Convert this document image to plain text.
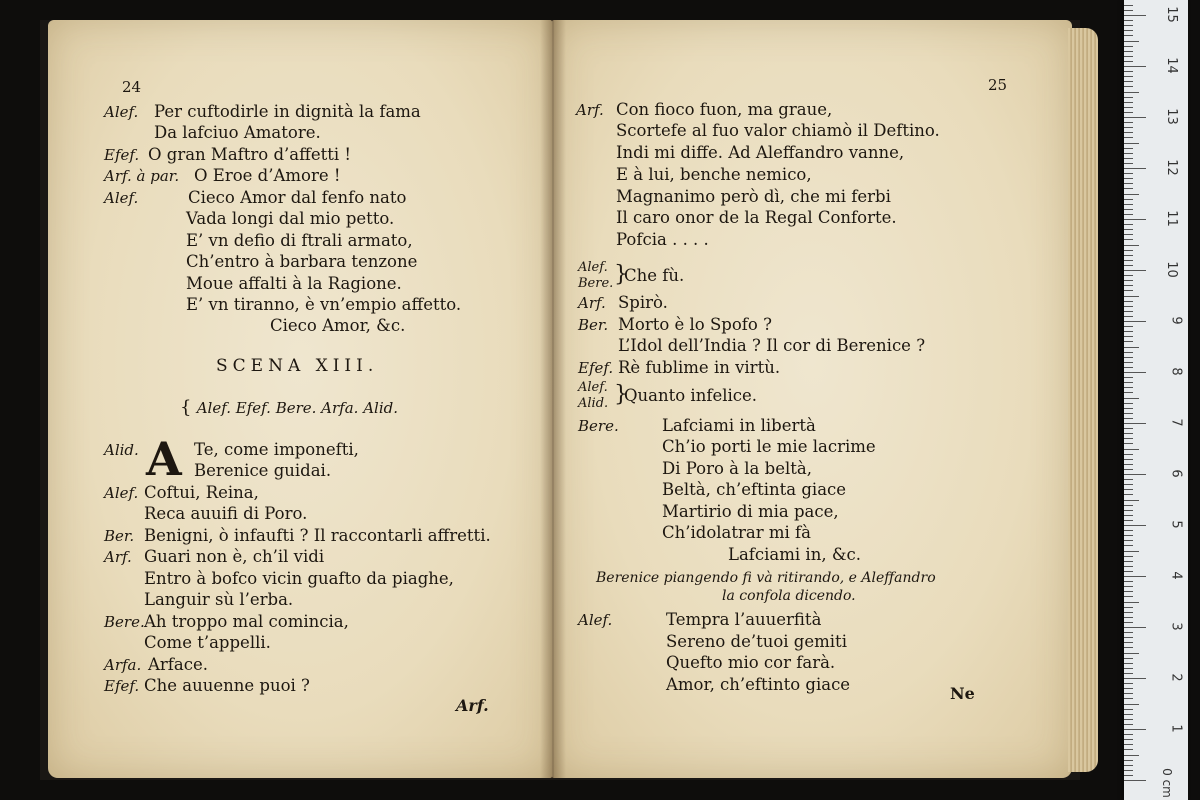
24
Alef. Per cuftodirle in dignità la fama
Da lafciuo Amatore.
Efef. O gran Maftro d’affetti !
Arf. à par. O Eroe d’Amore !
Alef.	Cieco Amor dal fenfo nato
Vada longi dal mio petto.
E’ vn defio di ftrali armato,
Ch’entro à barbara tenzone
Moue affalti à la Ragione.
E’ vn tiranno, è vn’empio affetto.
Cieco Amor, &c.
SCENA XIII.
{ Alef. Efef. Bere. Arfa. Alid.
A
Alid.	Te, come imponefti,
Berenice guidai.
Alef. Coftui, Reina,
Reca auuifi di Poro.
Ber. Benigni, ò infaufti ? Il raccontarli affretti.
Arf. Guari non è, ch’il vidi
Entro à bofco vicin guafto da piaghe,
Languir sù l’erba.
Bere. Ah troppo mal comincia,
Come t’appelli.
Arfa. Arface.
Efef. Che auuenne puoi ?
Arf.
25
Arf. Con fioco fuon, ma graue,
Scortefe al fuo valor chiamò il Deftino.
Indi mi diffe. Ad Aleffandro vanne,
E à lui, benche nemico,
Magnanimo però dì, che mi ferbi
Il caro onor de la Regal Conforte.
Pofcia . . . .
Alef.
Bere. }
Che fù.
Arf. Spirò.
Ber. Morto è lo Spofo ?
L’Idol dell’India ? Il cor di Berenice ?
Efef. Rè fublime in virtù.
Alef.
Alid. }
Quanto infelice.
Bere.	Lafciami in libertà
Ch’io porti le mie lacrime
Di Poro à la beltà,
Beltà, ch’eftinta giace
Martirio di mia pace,
Ch’idolatrar mi fà
Lafciami in, &c.
Berenice piangendo fi và ritirando, e Aleffandro
la confola dicendo.
Alef.	Tempra l’auuerfità
Sereno de’tuoi gemiti
Quefto mio cor farà.
Amor, ch’eftinto giace	Ne
1
2
3
4
5
6
7
8
9
10
11
12
13
14
15
0 cm
